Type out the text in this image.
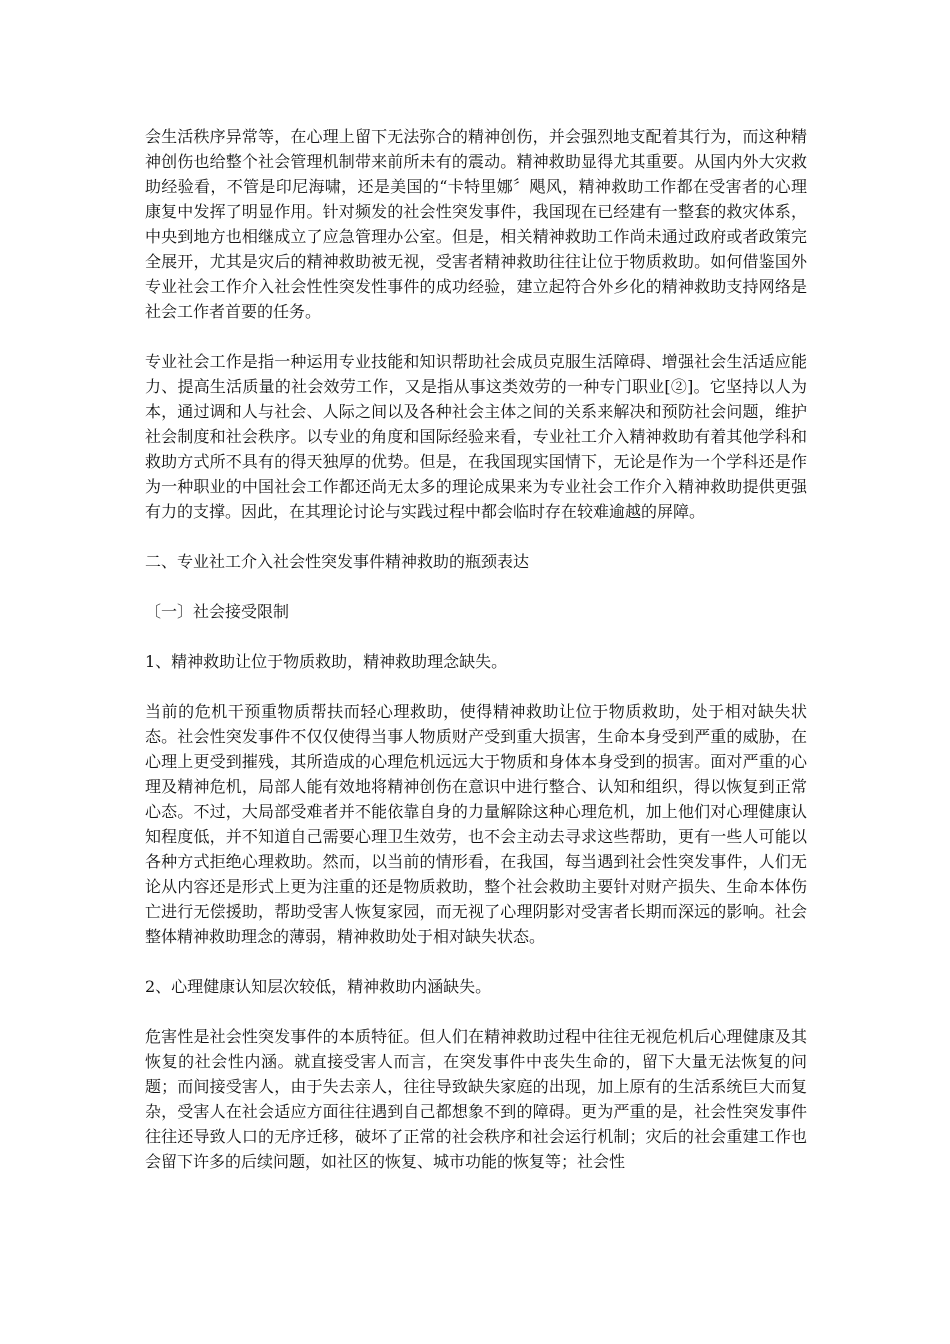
会生活秩序异常等，在心理上留下无法弥合的精神创伤，并会强烈地支配着其行为，而这种精神创伤也给整个社会管理机制带来前所未有的震动。精神救助显得尤其重要。从国内外大灾救助经验看，不管是印尼海啸，还是美国的“卡特里娜〞飓风，精神救助工作都在受害者的心理康复中发挥了明显作用。针对频发的社会性突发事件，我国现在已经建有一整套的救灾体系，中央到地方也相继成立了应急管理办公室。但是，相关精神救助工作尚未通过政府或者政策完全展开，尤其是灾后的精神救助被无视，受害者精神救助往往让位于物质救助。如何借鉴国外专业社会工作介入社会性性突发性事件的成功经验，建立起符合外乡化的精神救助支持网络是社会工作者首要的任务。

专业社会工作是指一种运用专业技能和知识帮助社会成员克服生活障碍、增强社会生活适应能力、提高生活质量的社会效劳工作，又是指从事这类效劳的一种专门职业[②]。它坚持以人为本，通过调和人与社会、人际之间以及各种社会主体之间的关系来解决和预防社会问题，维护社会制度和社会秩序。以专业的角度和国际经验来看，专业社工介入精神救助有着其他学科和救助方式所不具有的得天独厚的优势。但是，在我国现实国情下，无论是作为一个学科还是作为一种职业的中国社会工作都还尚无太多的理论成果来为专业社会工作介入精神救助提供更强有力的支撑。因此，在其理论讨论与实践过程中都会临时存在较难逾越的屏障。

二、专业社工介入社会性突发事件精神救助的瓶颈表达

〔一〕社会接受限制

1、精神救助让位于物质救助，精神救助理念缺失。

当前的危机干预重物质帮扶而轻心理救助，使得精神救助让位于物质救助，处于相对缺失状态。社会性突发事件不仅仅使得当事人物质财产受到重大损害，生命本身受到严重的威胁，在心理上更受到摧残，其所造成的心理危机远远大于物质和身体本身受到的损害。面对严重的心理及精神危机，局部人能有效地将精神创伤在意识中进行整合、认知和组织，得以恢复到正常心态。不过，大局部受难者并不能依靠自身的力量解除这种心理危机，加上他们对心理健康认知程度低，并不知道自己需要心理卫生效劳，也不会主动去寻求这些帮助，更有一些人可能以各种方式拒绝心理救助。然而，以当前的情形看，在我国，每当遇到社会性突发事件，人们无论从内容还是形式上更为注重的还是物质救助，整个社会救助主要针对财产损失、生命本体伤亡进行无偿援助，帮助受害人恢复家园，而无视了心理阴影对受害者长期而深远的影响。社会整体精神救助理念的薄弱，精神救助处于相对缺失状态。

2、心理健康认知层次较低，精神救助内涵缺失。

危害性是社会性突发事件的本质特征。但人们在精神救助过程中往往无视危机后心理健康及其恢复的社会性内涵。就直接受害人而言，在突发事件中丧失生命的，留下大量无法恢复的问题；而间接受害人，由于失去亲人，往往导致缺失家庭的出现，加上原有的生活系统巨大而复杂，受害人在社会适应方面往往遇到自己都想象不到的障碍。更为严重的是，社会性突发事件往往还导致人口的无序迁移，破坏了正常的社会秩序和社会运行机制；灾后的社会重建工作也会留下许多的后续问题，如社区的恢复、城市功能的恢复等；社会性
